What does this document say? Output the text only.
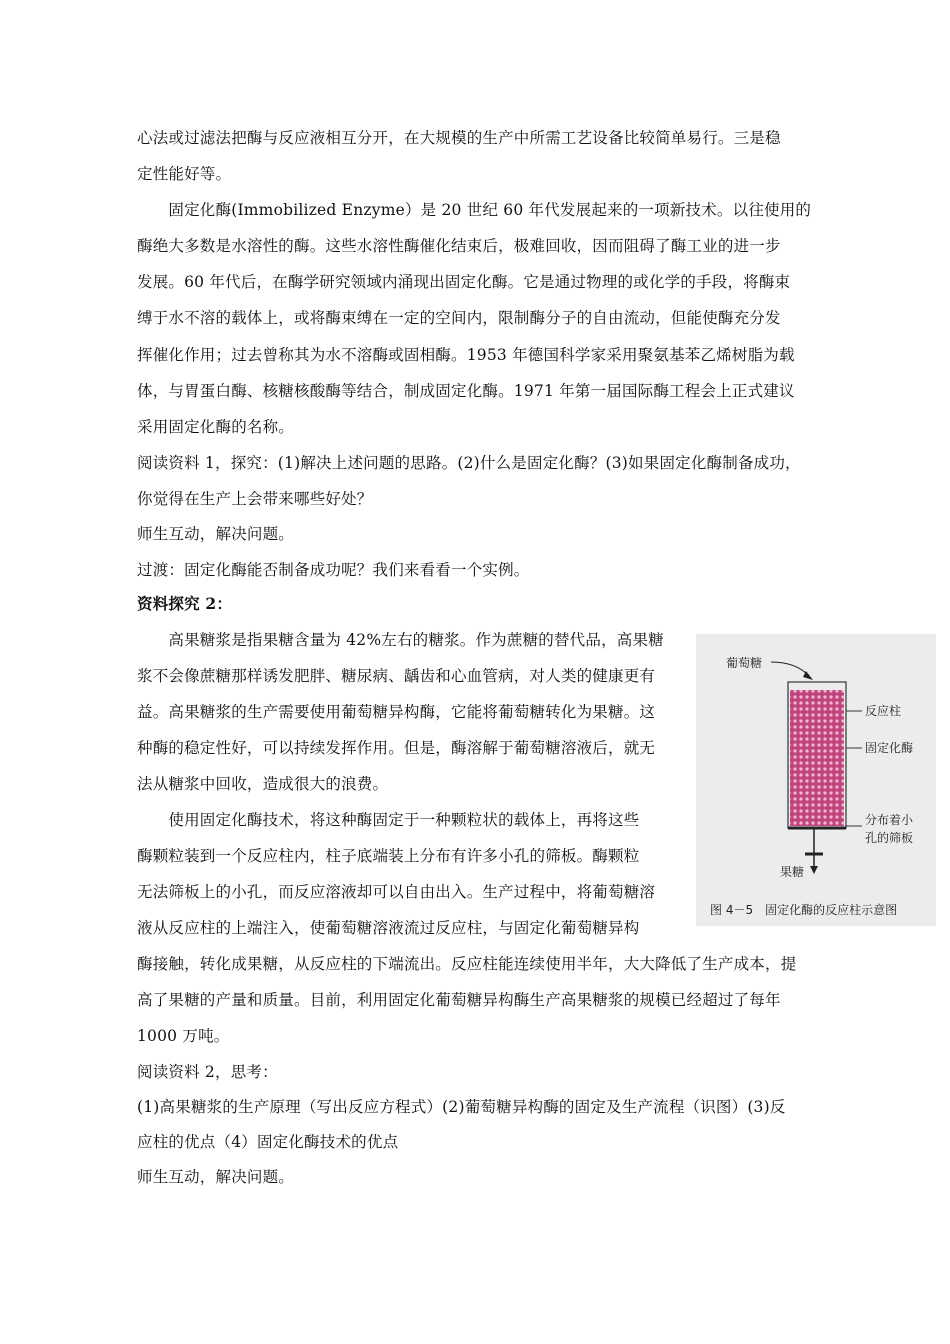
心法或过滤法把酶与反应液相互分开，在大规模的生产中所需工艺设备比较简单易行。三是稳
定性能好等。
　　固定化酶(Immobilized Enzyme）是 20 世纪 60 年代发展起来的一项新技术。以往使用的
酶绝大多数是水溶性的酶。这些水溶性酶催化结束后，极难回收，因而阻碍了酶工业的进一步
发展。60 年代后，在酶学研究领域内涌现出固定化酶。它是通过物理的或化学的手段，将酶束
缚于水不溶的载体上，或将酶束缚在一定的空间内，限制酶分子的自由流动，但能使酶充分发
挥催化作用；过去曾称其为水不溶酶或固相酶。1953 年德国科学家采用聚氨基苯乙烯树脂为载
体，与胃蛋白酶、核糖核酸酶等结合，制成固定化酶。1971 年第一届国际酶工程会上正式建议
采用固定化酶的名称。
阅读资料 1，探究：(1)解决上述问题的思路。(2)什么是固定化酶？(3)如果固定化酶制备成功，
你觉得在生产上会带来哪些好处？
师生互动，解决问题。
过渡：固定化酶能否制备成功呢？我们来看看一个实例。
资料探究 2：
　　高果糖浆是指果糖含量为 42%左右的糖浆。作为蔗糖的替代品，高果糖
浆不会像蔗糖那样诱发肥胖、糖尿病、龋齿和心血管病，对人类的健康更有
益。高果糖浆的生产需要使用葡萄糖异构酶，它能将葡萄糖转化为果糖。这
种酶的稳定性好，可以持续发挥作用。但是，酶溶解于葡萄糖溶液后，就无
法从糖浆中回收，造成很大的浪费。
　　使用固定化酶技术，将这种酶固定于一种颗粒状的载体上，再将这些
酶颗粒装到一个反应柱内，柱子底端装上分布有许多小孔的筛板。酶颗粒
无法筛板上的小孔，而反应溶液却可以自由出入。生产过程中，将葡萄糖溶
液从反应柱的上端注入，使葡萄糖溶液流过反应柱，与固定化葡萄糖异构
酶接触，转化成果糖，从反应柱的下端流出。反应柱能连续使用半年，大大降低了生产成本，提
高了果糖的产量和质量。目前，利用固定化葡萄糖异构酶生产高果糖浆的规模已经超过了每年
1000 万吨。
阅读资料 2，思考：
(1)高果糖浆的生产原理（写出反应方程式）(2)葡萄糖异构酶的固定及生产流程（识图）(3)反
应柱的优点（4）固定化酶技术的优点
师生互动，解决问题。
葡萄糖
果糖
反应柱
固定化酶
分布着小
孔的筛板
图 4－5　固定化酶的反应柱示意图
